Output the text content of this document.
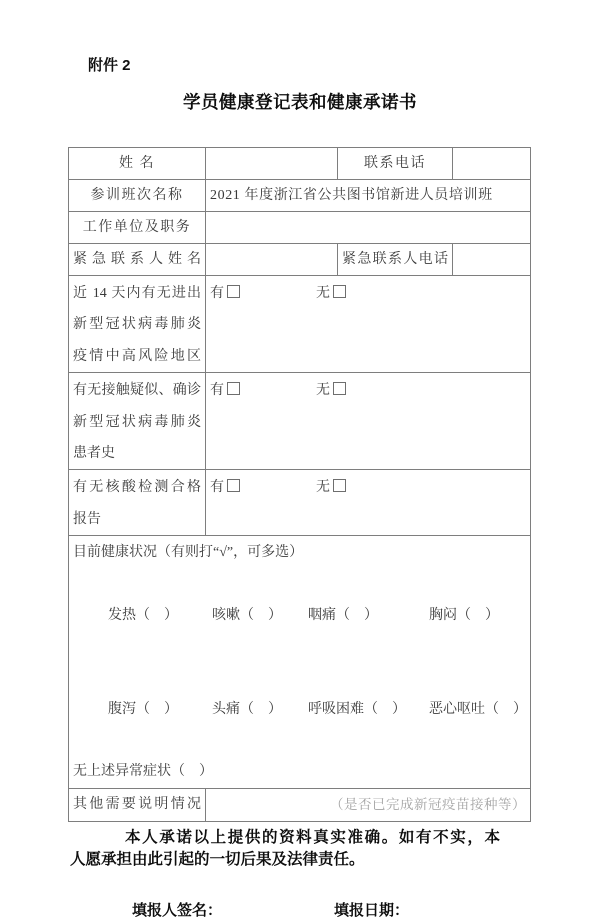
附件 2
学员健康登记表和健康承诺书
姓 名		联系电话	
参训班次名称	2021 年度浙江省公共图书馆新进人员培训班		
工作单位及职务			
紧急联系人姓名		紧急联系人电话	

近 14 天内有无进出
新型冠状病毒肺炎
疫情中高风险地区	有 无		

有无接触疑似、确诊
新型冠状病毒肺炎
患者史	有 无		

有无核酸检测合格
报告	有 无		

目前健康状况（有则打“√”，可多选）

发热（　） 咳嗽（　） 咽痛（　） 胸闷（　）

腹泻（　） 头痛（　） 呼吸困难（　） 恶心呕吐（　）

无上述异常症状（　）			

其他需要说明情况	（是否已完成新冠疫苗接种等）		
本人承诺以上提供的资料真实准确。如有不实，本
人愿承担由此引起的一切后果及法律责任。
填报人签名：	填报日期：
